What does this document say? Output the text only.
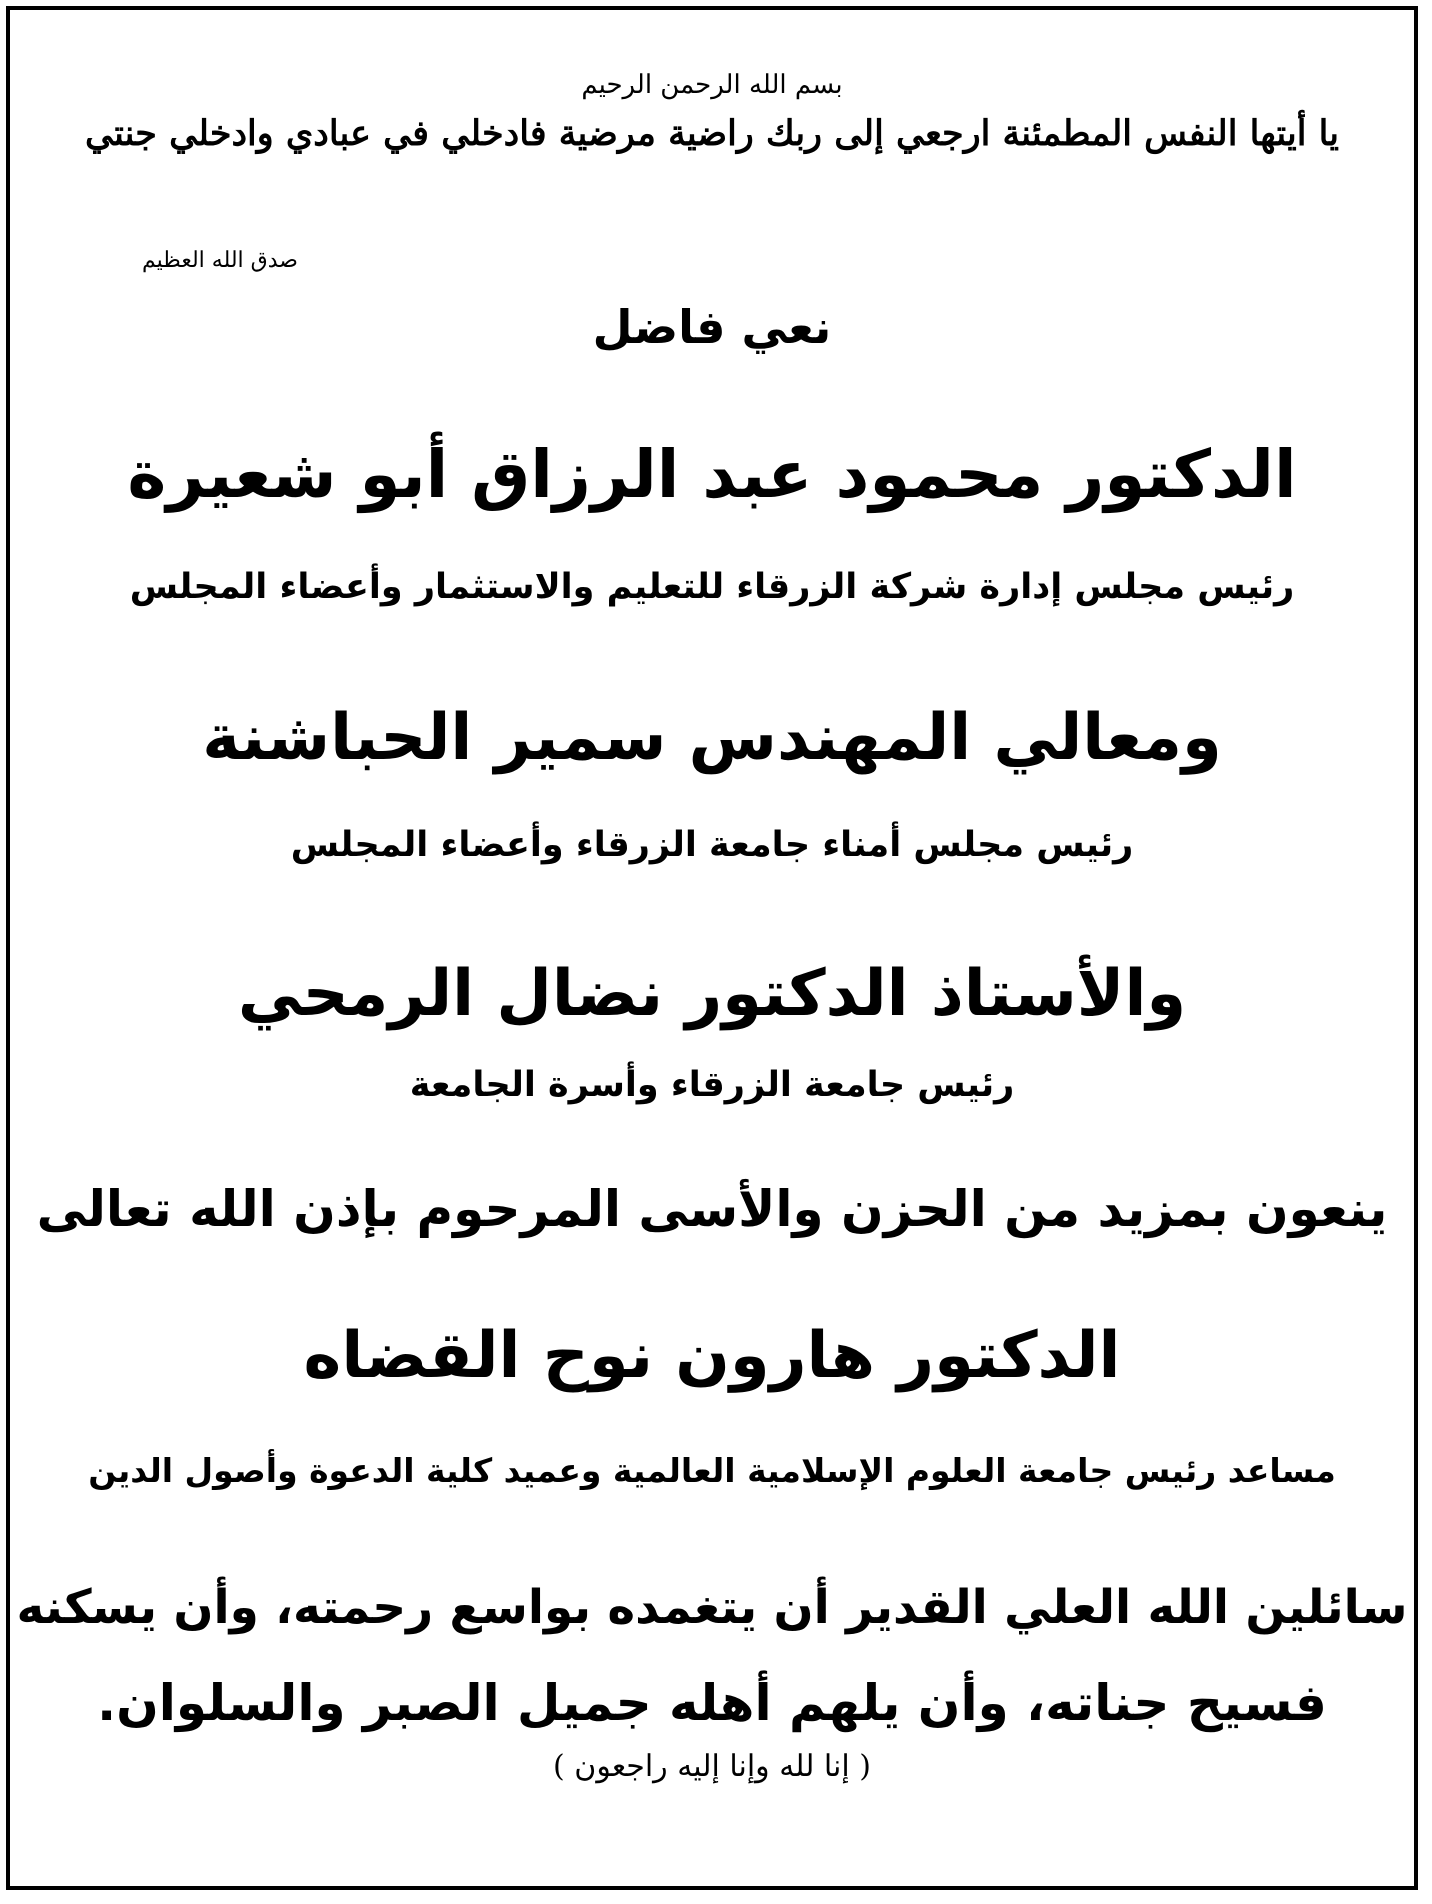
بسم الله الرحمن الرحيم
يا أيتها النفس المطمئنة ارجعي إلى ربك راضية مرضية فادخلي في عبادي وادخلي جنتي
صدق الله العظيم
نعي فاضل
الدكتور محمود عبد الرزاق أبو شعيرة
رئيس مجلس إدارة شركة الزرقاء للتعليم والاستثمار وأعضاء المجلس
ومعالي المهندس سمير الحباشنة
رئيس مجلس أمناء جامعة الزرقاء وأعضاء المجلس
والأستاذ الدكتور نضال الرمحي
رئيس جامعة الزرقاء وأسرة الجامعة
ينعون بمزيد من الحزن والأسى المرحوم بإذن الله تعالى
الدكتور هارون نوح القضاه
مساعد رئيس جامعة العلوم الإسلامية العالمية وعميد كلية الدعوة وأصول الدين
سائلين الله العلي القدير أن يتغمده بواسع رحمته، وأن يسكنه
فسيح جناته، وأن يلهم أهله جميل الصبر والسلوان.
( إنا لله وإنا إليه راجعون )
